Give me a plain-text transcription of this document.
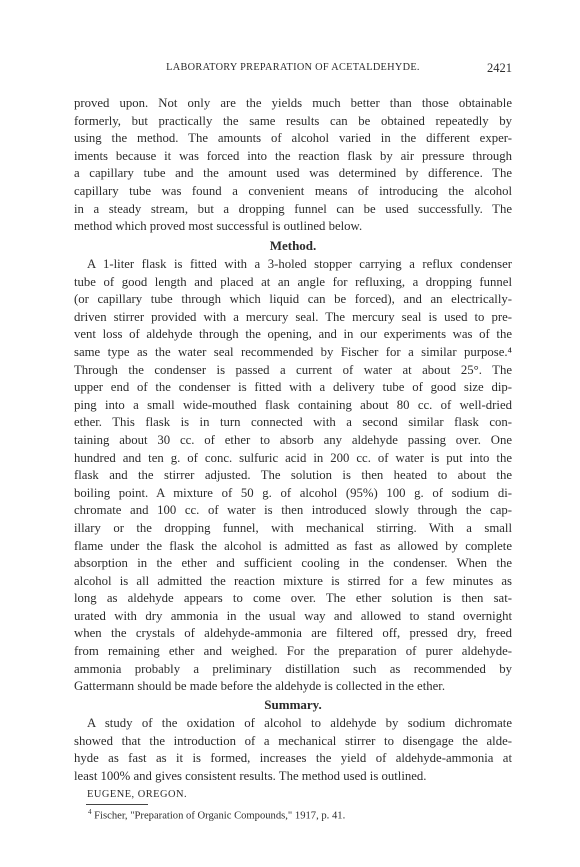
LABORATORY PREPARATION OF ACETALDEHYDE.	2421
proved upon. Not only are the yields much better than those obtainable
formerly, but practically the same results can be obtained repeatedly by
using the method. The amounts of alcohol varied in the different exper-
iments because it was forced into the reaction flask by air pressure through
a capillary tube and the amount used was determined by difference. The
capillary tube was found a convenient means of introducing the alcohol
in a steady stream, but a dropping funnel can be used successfully. The
method which proved most successful is outlined below.
Method.
A 1-liter flask is fitted with a 3-holed stopper carrying a reflux condenser
tube of good length and placed at an angle for refluxing, a dropping funnel
(or capillary tube through which liquid can be forced), and an electrically-
driven stirrer provided with a mercury seal. The mercury seal is used to pre-
vent loss of aldehyde through the opening, and in our experiments was of the
same type as the water seal recommended by Fischer for a similar purpose.⁴
Through the condenser is passed a current of water at about 25°. The
upper end of the condenser is fitted with a delivery tube of good size dip-
ping into a small wide-mouthed flask containing about 80 cc. of well-dried
ether. This flask is in turn connected with a second similar flask con-
taining about 30 cc. of ether to absorb any aldehyde passing over. One
hundred and ten g. of conc. sulfuric acid in 200 cc. of water is put into the
flask and the stirrer adjusted. The solution is then heated to about the
boiling point. A mixture of 50 g. of alcohol (95%) 100 g. of sodium di-
chromate and 100 cc. of water is then introduced slowly through the cap-
illary or the dropping funnel, with mechanical stirring. With a small
flame under the flask the alcohol is admitted as fast as allowed by complete
absorption in the ether and sufficient cooling in the condenser. When the
alcohol is all admitted the reaction mixture is stirred for a few minutes as
long as aldehyde appears to come over. The ether solution is then sat-
urated with dry ammonia in the usual way and allowed to stand overnight
when the crystals of aldehyde-ammonia are filtered off, pressed dry, freed
from remaining ether and weighed. For the preparation of purer aldehyde-
ammonia probably a preliminary distillation such as recommended by
Gattermann should be made before the aldehyde is collected in the ether.
Summary.
A study of the oxidation of alcohol to aldehyde by sodium dichromate
showed that the introduction of a mechanical stirrer to disengage the alde-
hyde as fast as it is formed, increases the yield of aldehyde-ammonia at
least 100% and gives consistent results. The method used is outlined.
EUGENE, OREGON.
$^4$ Fischer, "Preparation of Organic Compounds," 1917, p. 41.
